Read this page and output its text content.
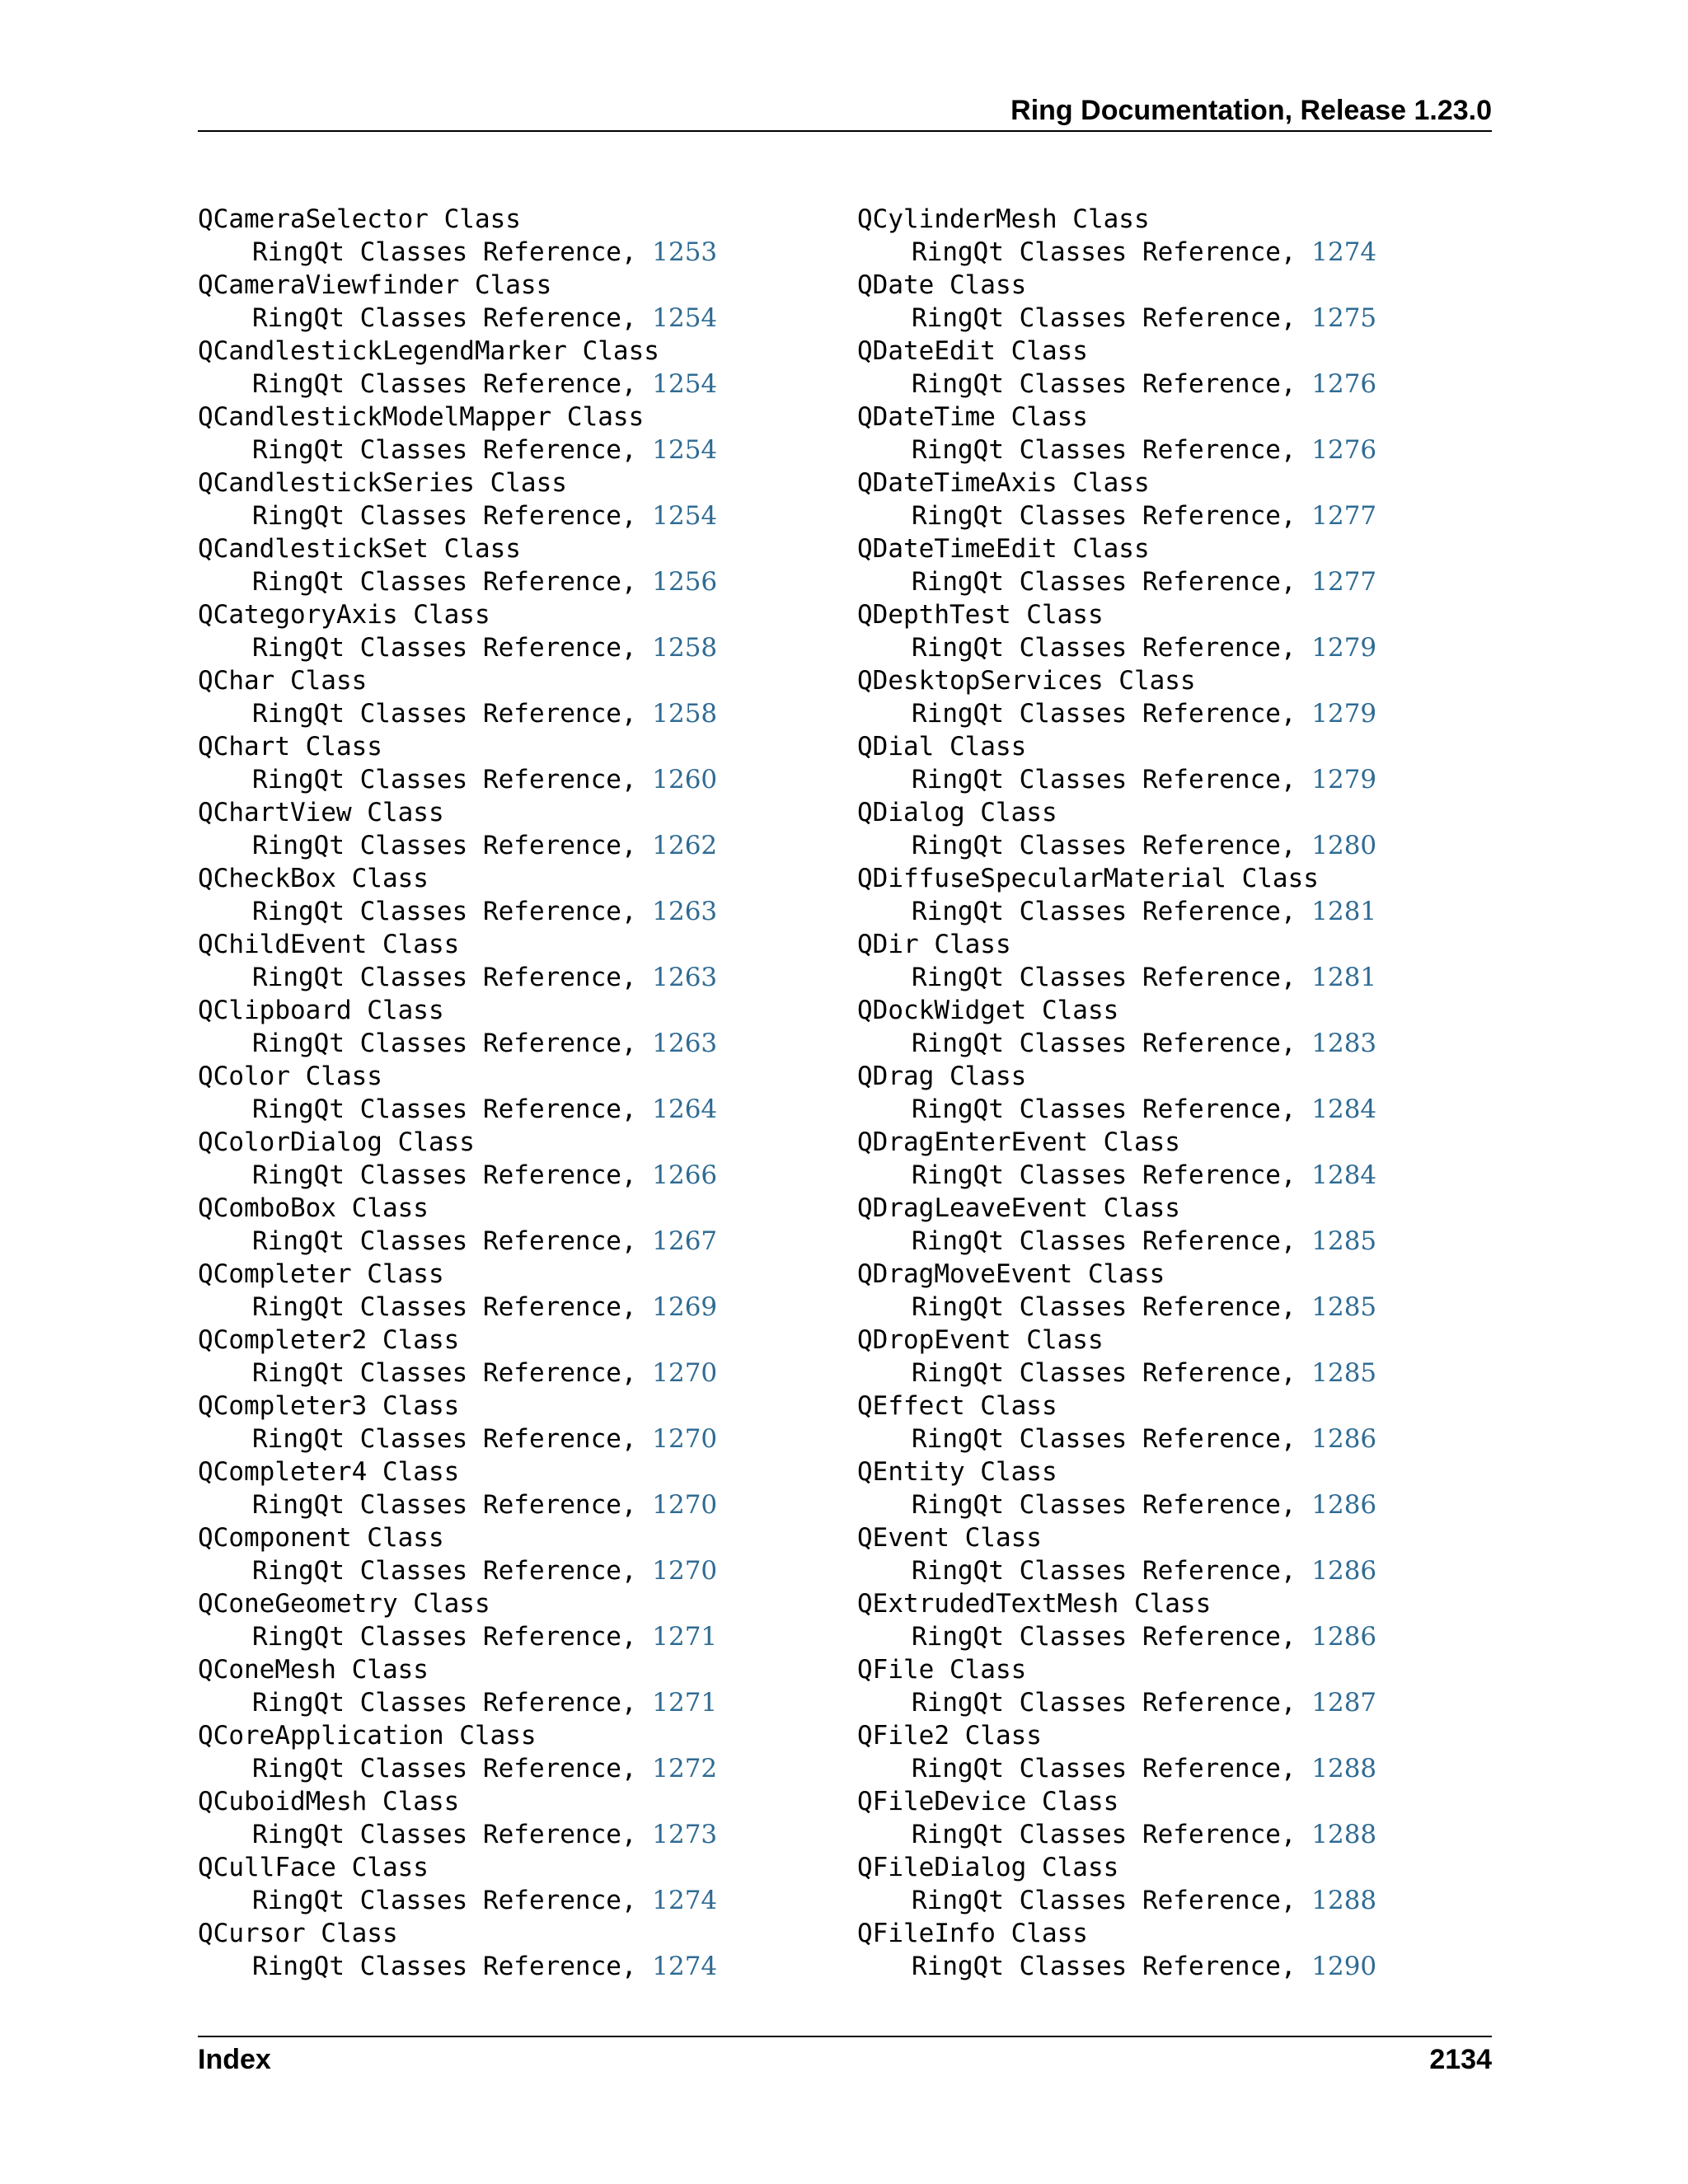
Ring Documentation, Release 1.23.0
QCameraSelector Class
RingQt Classes Reference, 1253
QCameraViewfinder Class
RingQt Classes Reference, 1254
QCandlestickLegendMarker Class
RingQt Classes Reference, 1254
QCandlestickModelMapper Class
RingQt Classes Reference, 1254
QCandlestickSeries Class
RingQt Classes Reference, 1254
QCandlestickSet Class
RingQt Classes Reference, 1256
QCategoryAxis Class
RingQt Classes Reference, 1258
QChar Class
RingQt Classes Reference, 1258
QChart Class
RingQt Classes Reference, 1260
QChartView Class
RingQt Classes Reference, 1262
QCheckBox Class
RingQt Classes Reference, 1263
QChildEvent Class
RingQt Classes Reference, 1263
QClipboard Class
RingQt Classes Reference, 1263
QColor Class
RingQt Classes Reference, 1264
QColorDialog Class
RingQt Classes Reference, 1266
QComboBox Class
RingQt Classes Reference, 1267
QCompleter Class
RingQt Classes Reference, 1269
QCompleter2 Class
RingQt Classes Reference, 1270
QCompleter3 Class
RingQt Classes Reference, 1270
QCompleter4 Class
RingQt Classes Reference, 1270
QComponent Class
RingQt Classes Reference, 1270
QConeGeometry Class
RingQt Classes Reference, 1271
QConeMesh Class
RingQt Classes Reference, 1271
QCoreApplication Class
RingQt Classes Reference, 1272
QCuboidMesh Class
RingQt Classes Reference, 1273
QCullFace Class
RingQt Classes Reference, 1274
QCursor Class
RingQt Classes Reference, 1274
QCylinderMesh Class
RingQt Classes Reference, 1274
QDate Class
RingQt Classes Reference, 1275
QDateEdit Class
RingQt Classes Reference, 1276
QDateTime Class
RingQt Classes Reference, 1276
QDateTimeAxis Class
RingQt Classes Reference, 1277
QDateTimeEdit Class
RingQt Classes Reference, 1277
QDepthTest Class
RingQt Classes Reference, 1279
QDesktopServices Class
RingQt Classes Reference, 1279
QDial Class
RingQt Classes Reference, 1279
QDialog Class
RingQt Classes Reference, 1280
QDiffuseSpecularMaterial Class
RingQt Classes Reference, 1281
QDir Class
RingQt Classes Reference, 1281
QDockWidget Class
RingQt Classes Reference, 1283
QDrag Class
RingQt Classes Reference, 1284
QDragEnterEvent Class
RingQt Classes Reference, 1284
QDragLeaveEvent Class
RingQt Classes Reference, 1285
QDragMoveEvent Class
RingQt Classes Reference, 1285
QDropEvent Class
RingQt Classes Reference, 1285
QEffect Class
RingQt Classes Reference, 1286
QEntity Class
RingQt Classes Reference, 1286
QEvent Class
RingQt Classes Reference, 1286
QExtrudedTextMesh Class
RingQt Classes Reference, 1286
QFile Class
RingQt Classes Reference, 1287
QFile2 Class
RingQt Classes Reference, 1288
QFileDevice Class
RingQt Classes Reference, 1288
QFileDialog Class
RingQt Classes Reference, 1288
QFileInfo Class
RingQt Classes Reference, 1290
Index	2134
